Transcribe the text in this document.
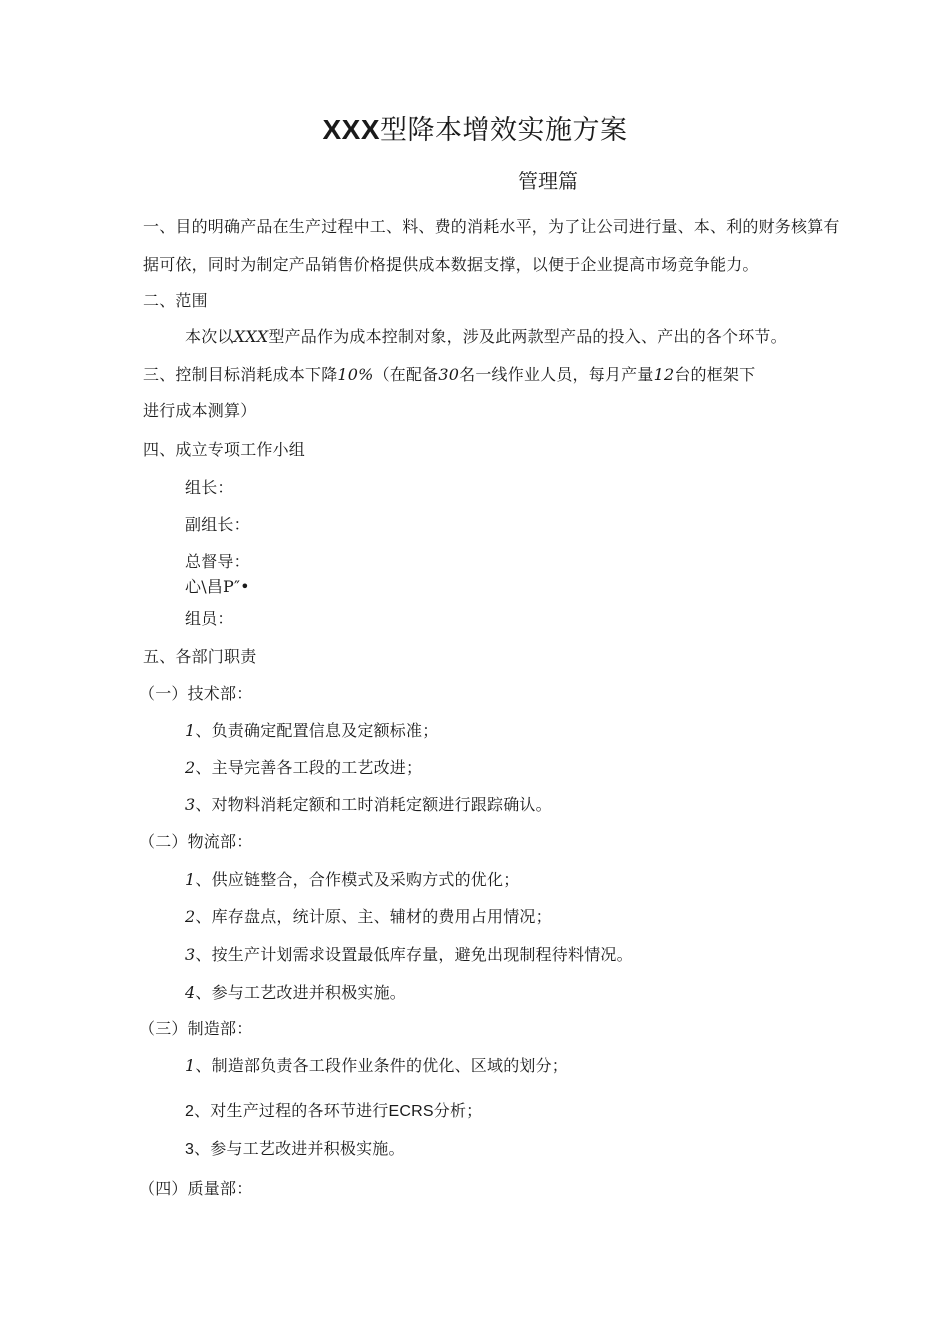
XXX型降本增效实施方案
管理篇
一、目的明确产品在生产过程中工、料、费的消耗水平，为了让公司进行量、本、利的财务核算有
据可依，同时为制定产品销售价格提供成本数据支撑，以便于企业提高市场竞争能力。
二、范围
本次以XXX型产品作为成本控制对象，涉及此两款型产品的投入、产出的各个环节。
三、控制目标消耗成本下降10%（在配备30名一线作业人员，每月产量12台的框架下
进行成本测算）
四、成立专项工作小组
组长：
副组长：
总督导：
心\昌P″•
组员：
五、各部门职责
（一）技术部：
1、负责确定配置信息及定额标准；
2、主导完善各工段的工艺改进；
3、对物料消耗定额和工时消耗定额进行跟踪确认。
（二）物流部：
1、供应链整合，合作模式及采购方式的优化；
2、库存盘点，统计原、主、辅材的费用占用情况；
3、按生产计划需求设置最低库存量，避免出现制程待料情况。
4、参与工艺改进并积极实施。
（三）制造部：
1、制造部负责各工段作业条件的优化、区域的划分；
2、对生产过程的各环节进行ECRS分析；
3、参与工艺改进并积极实施。
（四）质量部：
